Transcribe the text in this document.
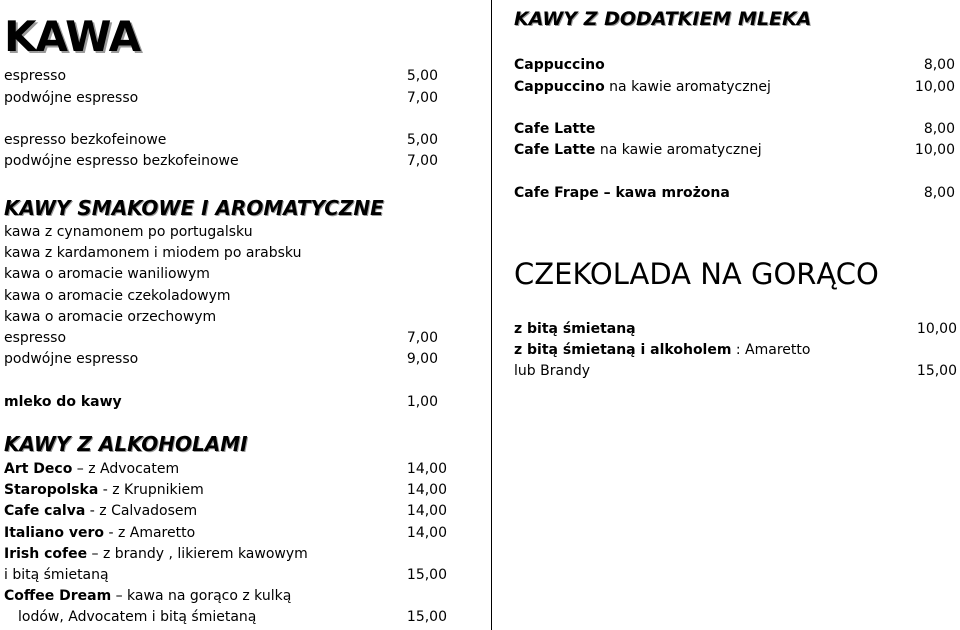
KAWA
espresso	5,00
podwójne espresso	7,00
espresso bezkofeinowe	5,00
podwójne espresso bezkofeinowe	7,00
KAWY SMAKOWE I AROMATYCZNE
kawa z cynamonem po portugalsku
kawa z kardamonem i miodem po arabsku
kawa o aromacie waniliowym
kawa o aromacie czekoladowym
kawa o aromacie orzechowym
espresso	7,00
podwójne espresso	9,00
mleko do kawy	1,00
KAWY Z ALKOHOLAMI
Art Deco – z Advocatem	14,00
Staropolska - z Krupnikiem	14,00
Cafe calva - z Calvadosem	14,00
Italiano vero - z Amaretto	14,00
Irish cofee – z brandy , likierem kawowym
i bitą śmietaną	15,00
Coffee Dream – kawa na gorąco z kulką
lodów, Advocatem i bitą śmietaną	15,00
KAWY Z DODATKIEM MLEKA
Cappuccino	8,00
Cappuccino na kawie aromatycznej	10,00
Cafe Latte	8,00
Cafe Latte na kawie aromatycznej	10,00
Cafe Frape – kawa mrożona	8,00
CZEKOLADA NA GORĄCO
z bitą śmietaną	10,00
z bitą śmietaną i alkoholem : Amaretto
lub Brandy	15,00
